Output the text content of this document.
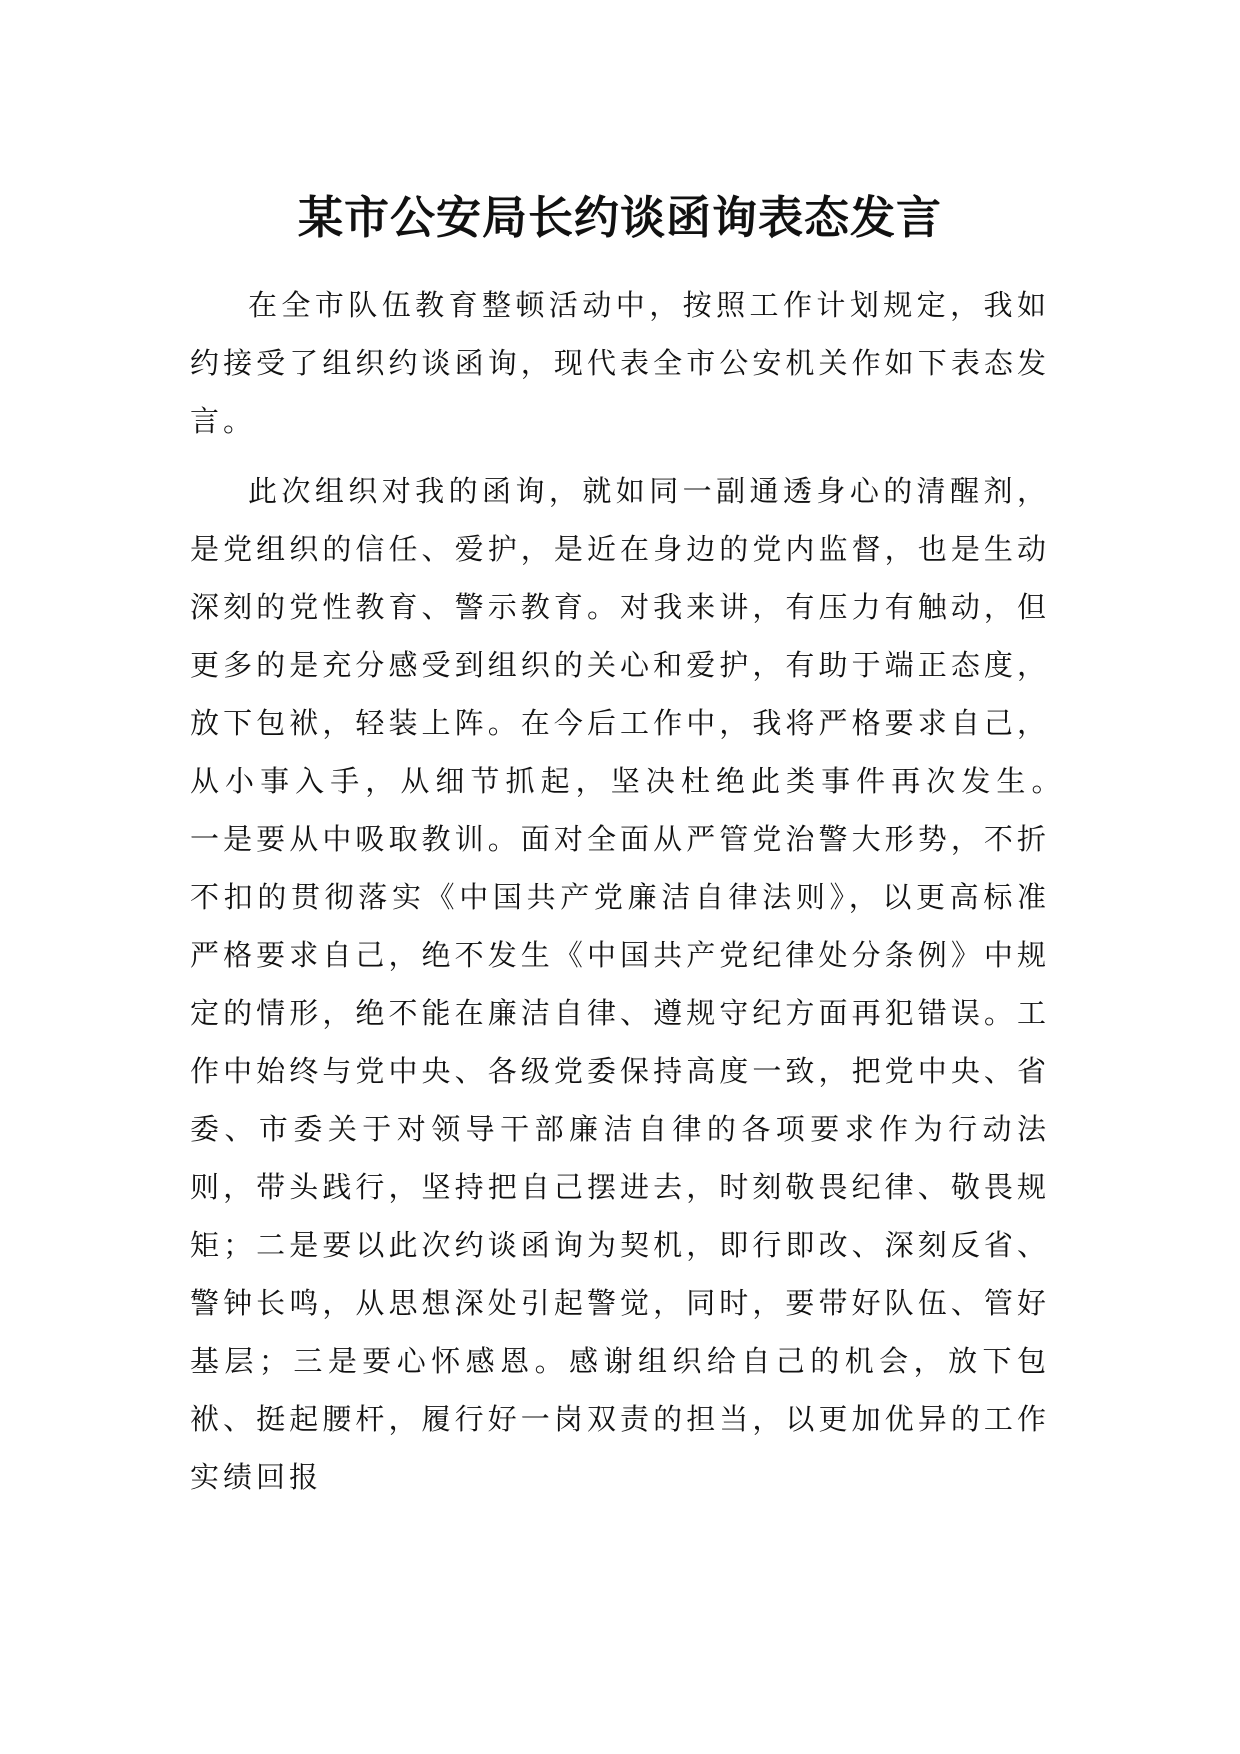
某市公安局长约谈函询表态发言

在全市队伍教育整顿活动中，按照工作计划规定，我如约接受了组织约谈函询，现代表全市公安机关作如下表态发言。

此次组织对我的函询，就如同一副通透身心的清醒剂，是党组织的信任、爱护，是近在身边的党内监督，也是生动深刻的党性教育、警示教育。对我来讲，有压力有触动，但更多的是充分感受到组织的关心和爱护，有助于端正态度，放下包袱，轻装上阵。在今后工作中，我将严格要求自己，从小事入手，从细节抓起，坚决杜绝此类事件再次发生。　一是要从中吸取教训。面对全面从严管党治警大形势，不折不扣的贯彻落实《中国共产党廉洁自律法则》，以更高标准严格要求自己，绝不发生《中国共产党纪律处分条例》中规定的情形，绝不能在廉洁自律、遵规守纪方面再犯错误。工作中始终与党中央、各级党委保持高度一致，把党中央、省委、市委关于对领导干部廉洁自律的各项要求作为行动法则，带头践行，坚持把自己摆进去，时刻敬畏纪律、敬畏规矩；二是要以此次约谈函询为契机，即行即改、深刻反省、警钟长鸣，从思想深处引起警觉，同时，要带好队伍、管好基层；三是要心怀感恩。感谢组织给自己的机会，放下包袱、挺起腰杆，履行好一岗双责的担当，以更加优异的工作实绩回报
